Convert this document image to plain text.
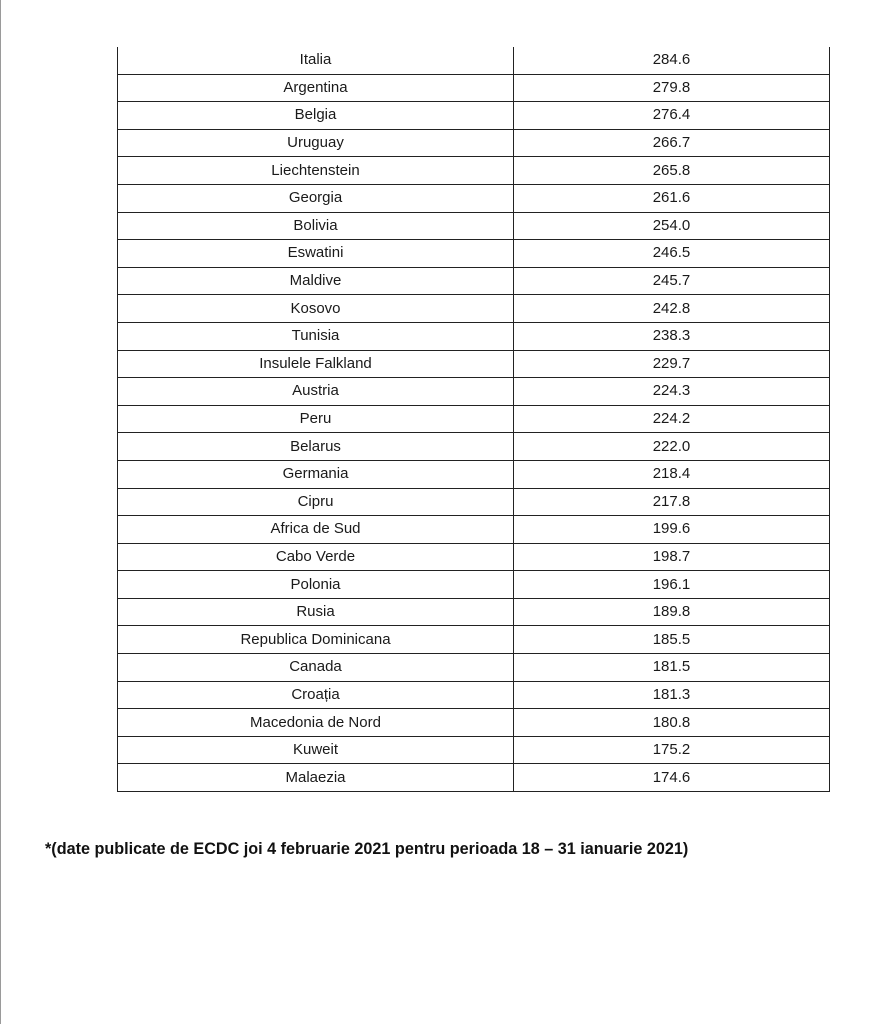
Italia	284.6
Argentina	279.8
Belgia	276.4
Uruguay	266.7
Liechtenstein	265.8
Georgia	261.6
Bolivia	254.0
Eswatini	246.5
Maldive	245.7
Kosovo	242.8
Tunisia	238.3
Insulele Falkland	229.7
Austria	224.3
Peru	224.2
Belarus	222.0
Germania	218.4
Cipru	217.8
Africa de Sud	199.6
Cabo Verde	198.7
Polonia	196.1
Rusia	189.8
Republica Dominicana	185.5
Canada	181.5
Croația	181.3
Macedonia de Nord	180.8
Kuweit	175.2
Malaezia	174.6
*(date publicate de ECDC joi 4 februarie 2021 pentru perioada 18 – 31 ianuarie 2021)
